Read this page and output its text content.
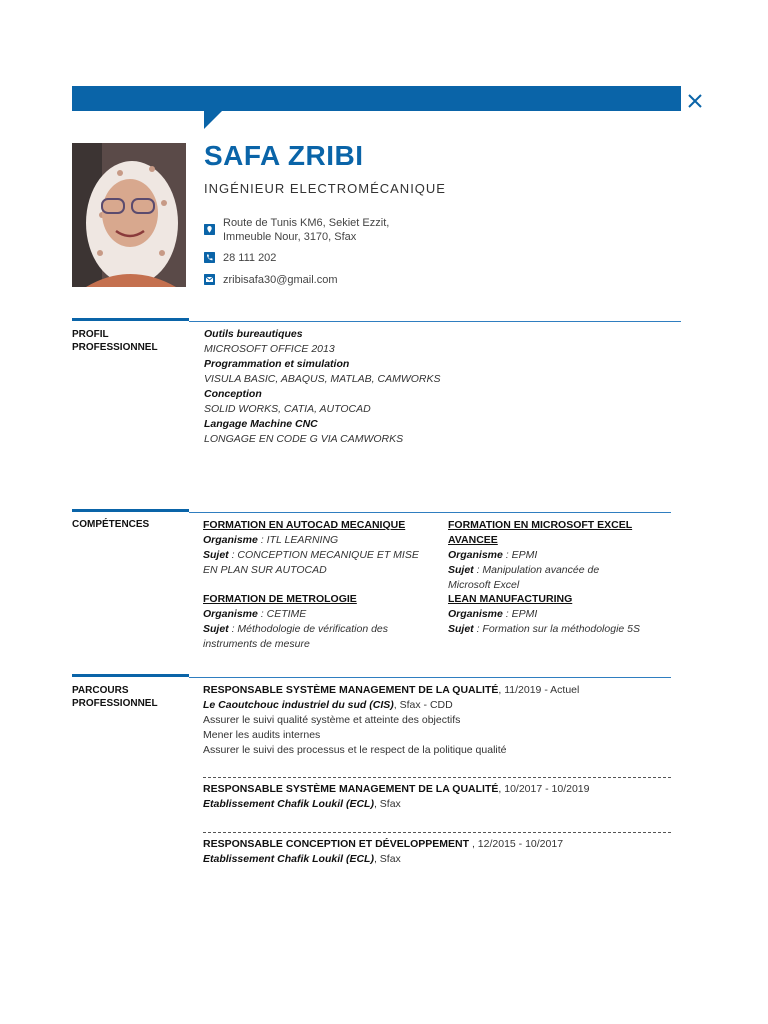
SAFA ZRIBI
INGÉNIEUR ELECTROMÉCANIQUE
Route de Tunis KM6, Sekiet Ezzit,
Immeuble Nour, 3170, Sfax
28 111 202
zribisafa30@gmail.com
PROFIL
PROFESSIONNEL
Outils bureautiques
MICROSOFT OFFICE 2013
Programmation et simulation
VISULA BASIC, ABAQUS, MATLAB, CAMWORKS
Conception
SOLID WORKS, CATIA, AUTOCAD
Langage Machine CNC
LONGAGE EN CODE G VIA CAMWORKS
COMPÉTENCES	FORMATION EN AUTOCAD MECANIQUE
Organisme : ITL LEARNING
Sujet : CONCEPTION MECANIQUE ET MISE
EN PLAN SUR AUTOCAD
FORMATION EN MICROSOFT EXCEL
AVANCEE
Organisme : EPMI
Sujet : Manipulation avancée de
Microsoft Excel
FORMATION DE METROLOGIE
Organisme : CETIME
Sujet : Méthodologie de vérification des
instruments de mesure
LEAN MANUFACTURING
Organisme : EPMI
Sujet : Formation sur la méthodologie 5S
PARCOURS
PROFESSIONNEL
RESPONSABLE SYSTÈME MANAGEMENT DE LA QUALITÉ, 11/2019 - Actuel
Le Caoutchouc industriel du sud (CIS), Sfax - CDD
Assurer le suivi qualité système et atteinte des objectifs
Mener les audits internes
Assurer le suivi des processus et le respect de la politique qualité
RESPONSABLE SYSTÈME MANAGEMENT DE LA QUALITÉ, 10/2017 - 10/2019
Etablissement Chafik Loukil (ECL), Sfax
RESPONSABLE CONCEPTION ET DÉVELOPPEMENT , 12/2015 - 10/2017
Etablissement Chafik Loukil (ECL), Sfax
